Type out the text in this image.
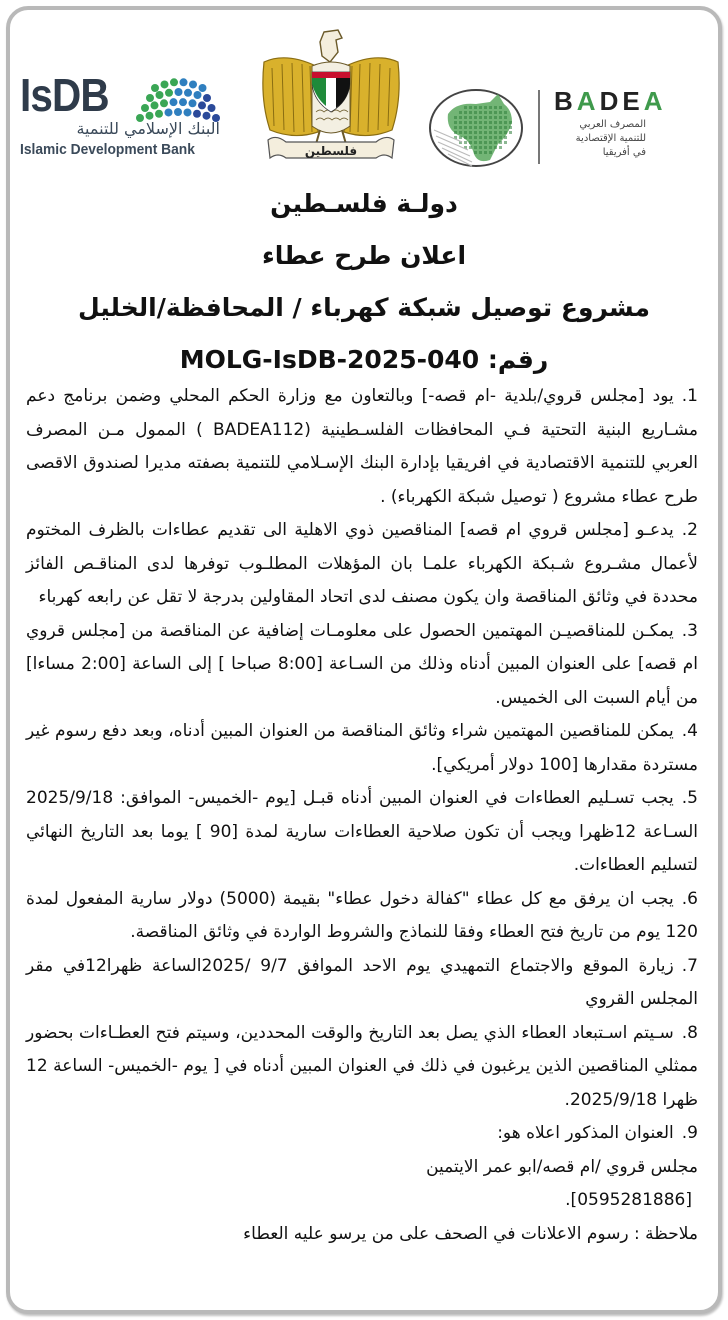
IsDB
البنك الإسلامي للتنمية
Islamic Development Bank	فلسطين
BADEA
المصرف العربي
للتنمية الإقتصادية
في أفريقيا
دولـة فلسـطين
اعلان طرح عطاء
مشروع توصيل شبكة كهرباء / المحافظة/الخليل
رقم: MOLG-IsDB-2025-040
1.يود [مجلس قروي/بلدية -ام قصه-] وبالتعاون مع وزارة الحكم المحلي وضمن برنامج دعم مشـاريع البنية التحتية فـي المحافظات الفلسـطينية (BADEA112 ) الممول مـن المصرف العربي للتنمية الاقتصادية في افريقيا بإدارة البنك الإسـلامي للتنمية بصفته مديرا لصندوق الاقصى طرح عطاء مشروع ( توصيل شبكة الكهرباء) .
2.يدعـو [مجلس قروي ام قصه] المناقصين ذوي الاهلية الى تقديم عطاءات بالظرف المختوم لأعمال مشـروع شـبكة الكهرباء علمـا بان المؤهلات المطلـوب توفرها لدى المناقـص الفائز محددة في وثائق المناقصة وان يكون مصنف لدى اتحاد المقاولين بدرجة لا تقل عن رابعه كهرباء
3.يمكـن للمناقصيـن المهتمين الحصول على معلومـات إضافية عن المناقصة من [مجلس قروي ام قصه] على العنوان المبين أدناه وذلك من السـاعة [8:00 صباحا ] إلى الساعة [2:00 مساءا] من أيام السبت الى الخميس.
4.يمكن للمناقصين المهتمين شراء وثائق المناقصة من العنوان المبين أدناه، وبعد دفع رسوم غير مستردة مقدارها [100 دولار أمريكي].
5.يجب تسـليم العطاءات في العنوان المبين أدناه قبـل [يوم -الخميس- الموافق: 2025/9/18 السـاعة 12ظهرا ويجب أن تكون صلاحية العطاءات سارية لمدة [90 ] يوما بعد التاريخ النهائي لتسليم العطاءات.
6.يجب ان يرفق مع كل عطاء "كفالة دخول عطاء" بقيمة (5000) دولار سارية المفعول لمدة 120 يوم من تاريخ فتح العطاء وفقا للنماذج والشروط الواردة في وثائق المناقصة.
7.زيارة الموقع والاجتماع التمهيدي يوم الاحد الموافق 9/7 /2025الساعة ظهرا12في مقر المجلس القروي
8.سـيتم اسـتبعاد العطاء الذي يصل بعد التاريخ والوقت المحددين، وسيتم فتح العطـاءات بحضور ممثلي المناقصين الذين يرغبون في ذلك في العنوان المبين أدناه في [ يوم -الخميس- الساعة 12 ظهرا 2025/9/18.
9.العنوان المذكور اعلاه هو:

مجلس قروي /ام قصه/ابو عمر الايتمين

[0595281886].

ملاحظة : رسوم الاعلانات في الصحف على من يرسو عليه العطاء
